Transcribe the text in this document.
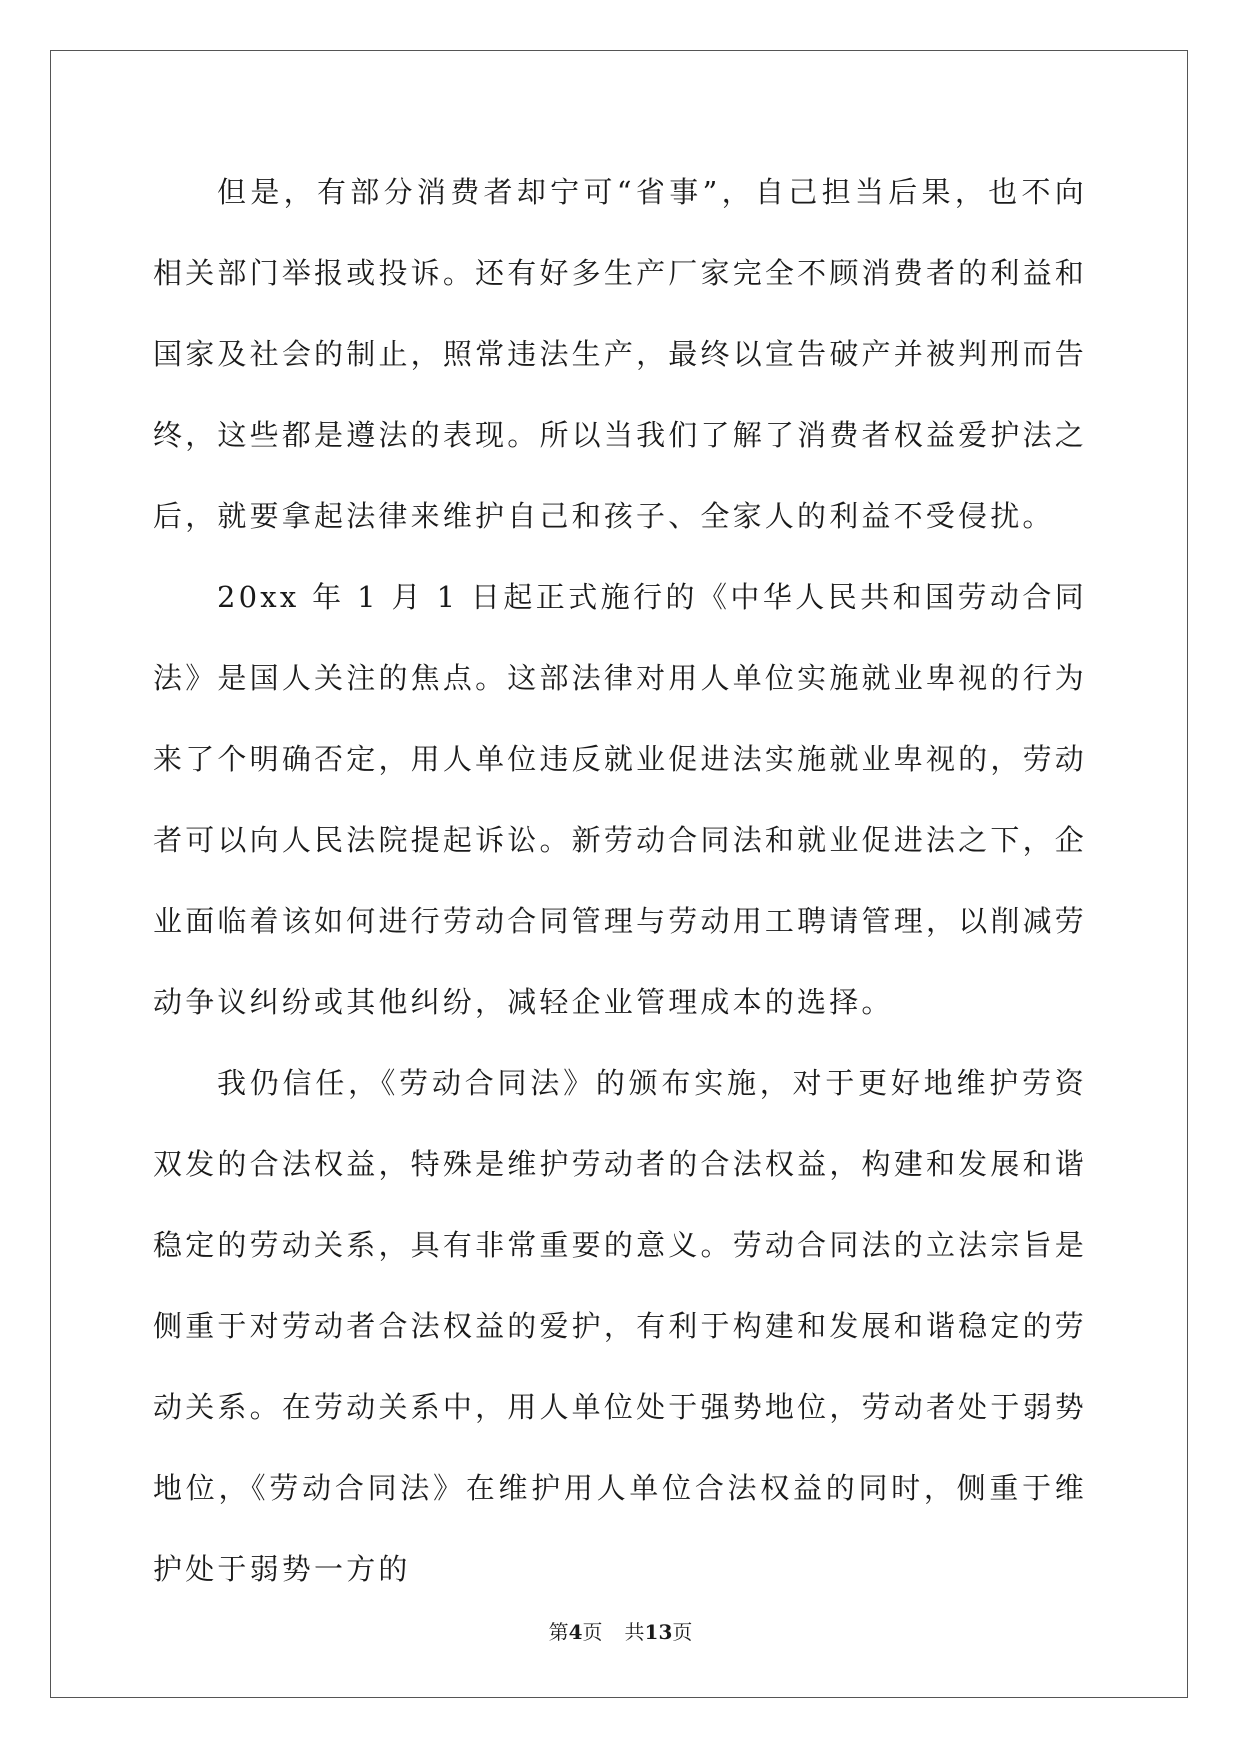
但是，有部分消费者却宁可“省事”，自己担当后果，也不向相关部门举报或投诉。还有好多生产厂家完全不顾消费者的利益和国家及社会的制止，照常违法生产，最终以宣告破产并被判刑而告终，这些都是遵法的表现。所以当我们了解了消费者权益爱护法之后，就要拿起法律来维护自己和孩子、全家人的利益不受侵扰。

20xx 年 1 月 1 日起正式施行的《中华人民共和国劳动合同法》是国人关注的焦点。这部法律对用人单位实施就业卑视的行为来了个明确否定，用人单位违反就业促进法实施就业卑视的，劳动者可以向人民法院提起诉讼。新劳动合同法和就业促进法之下，企业面临着该如何进行劳动合同管理与劳动用工聘请管理，以削减劳动争议纠纷或其他纠纷，减轻企业管理成本的选择。

我仍信任，《劳动合同法》的颁布实施，对于更好地维护劳资双发的合法权益，特殊是维护劳动者的合法权益，构建和发展和谐稳定的劳动关系，具有非常重要的意义。劳动合同法的立法宗旨是侧重于对劳动者合法权益的爱护，有利于构建和发展和谐稳定的劳动关系。在劳动关系中，用人单位处于强势地位，劳动者处于弱势地位，《劳动合同法》在维护用人单位合法权益的同时，侧重于维护处于弱势一方的

第4页 共13页
